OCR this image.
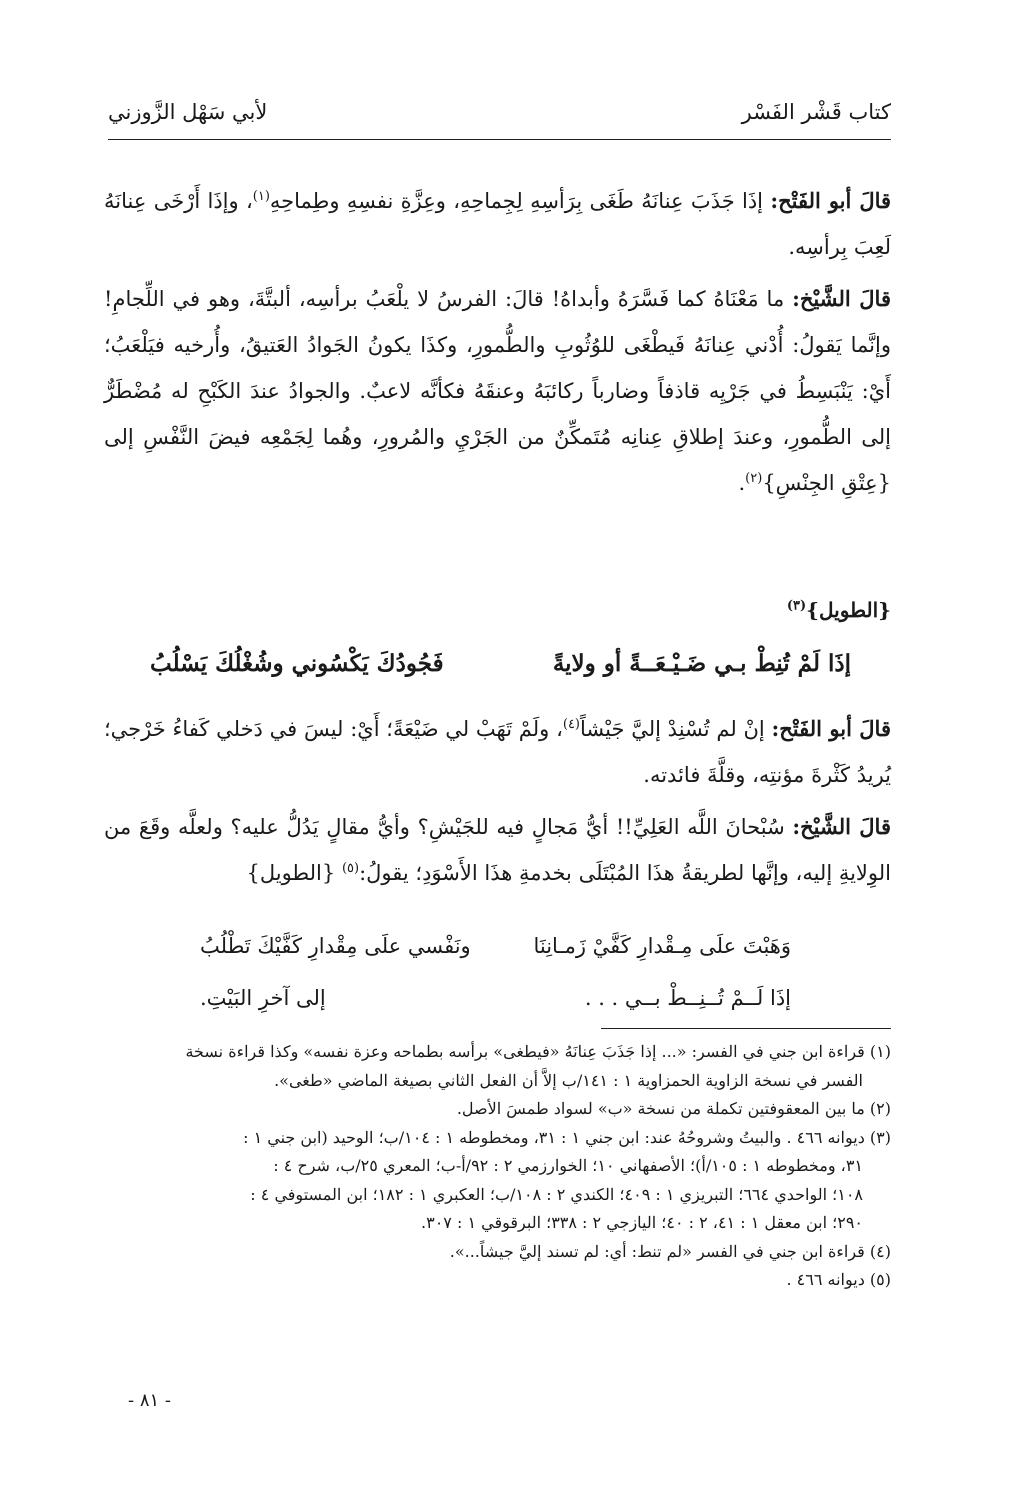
كتاب قَشْر الفَسْر
لأبي سَهْل الزَّوزني

قالَ أبو الفَتْح: إذَا جَذَبَ عِنانَهُ طَغَى بِرَأسِهِ لِجِماحِهِ، وعِزَّةِ نفسِهِ وطِماحِهِ$^{(١)}$، وإذَا أَرْخَى عِنانَهُ لَعِبَ بِرأسِه.

قالَ الشَّيْخ: ما مَعْنَاهُ كما فَسَّرَهُ وأبداهُ! قالَ: الفرسُ لا يلْعَبُ برأسِه، ألبتَّةَ، وهو في اللِّجامِ! وإنَّما يَقولُ: أُدْني عِنانَهُ فَيطْغَى للوُثُوبِ والطُّمورِ، وكذَا يكونُ الجَوادُ العَتيقُ، وأُرخيه فيَلْعَبُ؛ أَيْ: يَنْبَسِطُ في جَرْيِه قاذفاً وضارباً ركائبَهُ وعنقَهُ فكأنَّه لاعبٌ. والجوادُ عندَ الكَبْحِ له مُضْطَرٌّ إلى الطُّمورِ، وعندَ إطلاقِ عِنانِه مُتَمكِّنٌ من الجَرْيِ والمُرورِ، وهُما لِجَمْعِه فيضَ النَّفْسِ إلى {عِتْقِ الجِنْسِ}$^{(٢)}$.

{الطويل}$^{(٣)}$
إذَا لَمْ تُنِطْ بـي ضَـيْـعَــةً أو ولايةً
فَجُودُكَ يَكْسُوني وشُغْلُكَ يَسْلُبُ

قالَ أبو الفَتْح: إنْ لم تُسْنِدْ إليَّ جَيْشاً$^{(٤)}$، ولَمْ تَهَبْ لي ضَيْعَةً؛ أَيْ: ليسَ في دَخلي كَفاءُ خَرْجي؛ يُريدُ كَثْرةَ مؤنتِه، وقلَّةَ فائدته.

قالَ الشَّيْخ: سُبْحانَ اللَّه العَلِيِّ!! أيُّ مَجالٍ فيه للجَيْشِ؟ وأيُّ مقالٍ يَدُلُّ عليه؟ ولعلَّه وقَعَ من الوِلايةِ إليه، وإنَّها لطريقةُ هذَا المُبْتَلَى بخدمةِ هذَا الأَسْوَدِ؛ يقولُ:$^{(٥)}$ {الطويل}

وَهَبْتَ علَى مِـقْدارِ كَفَّيْ زَمـانِنَا
ونَفْسي علَى مِقْدارِ كَفَّيْكَ تَطْلُبُ
إذَا لَــمْ تُــنِــطْ بــي . . .
إلى آخرِ البَيْتِ.

(١) قراءة ابن جني في الفسر: «... إذا جَذَبَ عِنانَهُ «فيطغى» برأسه بطماحه وعزة نفسه» وكذا قراءة نسخة

الفسر في نسخة الزاوية الحمزاوية ١ : ١٤١/ب إلاَّ أن الفعل الثاني بصيغة الماضي «طغى».

(٢) ما بين المعقوفتين تكملة من نسخة «ب» لسواد طمسَ الأصل.

(٣) ديوانه ٤٦٦ . والبيتُ وشروحُهُ عند: ابن جني ١ : ٣١، ومخطوطه ١ : ١٠٤/ب؛ الوحيد (ابن جني ١ :

٣١، ومخطوطه ١ : ١٠٥/أ)؛ الأصفهاني ١٠؛ الخوارزمي ٢ : ٩٢/أ-ب؛ المعري ٢٥/ب، شرح ٤ :

١٠٨؛ الواحدي ٦٦٤؛ التبريزي ١ : ٤٠٩؛ الكندي ٢ : ١٠٨/ب؛ العكبري ١ : ١٨٢؛ ابن المستوفي ٤ :

٢٩٠؛ ابن معقل ١ : ٤١، ٢ : ٤٠؛ اليازجي ٢ : ٣٣٨؛ البرقوقي ١ : ٣٠٧.

(٤) قراءة ابن جني في الفسر «لم تنط: أي: لم تسند إليَّ جيشاً...».

(٥) ديوانه ٤٦٦ .

- ٨١ -
